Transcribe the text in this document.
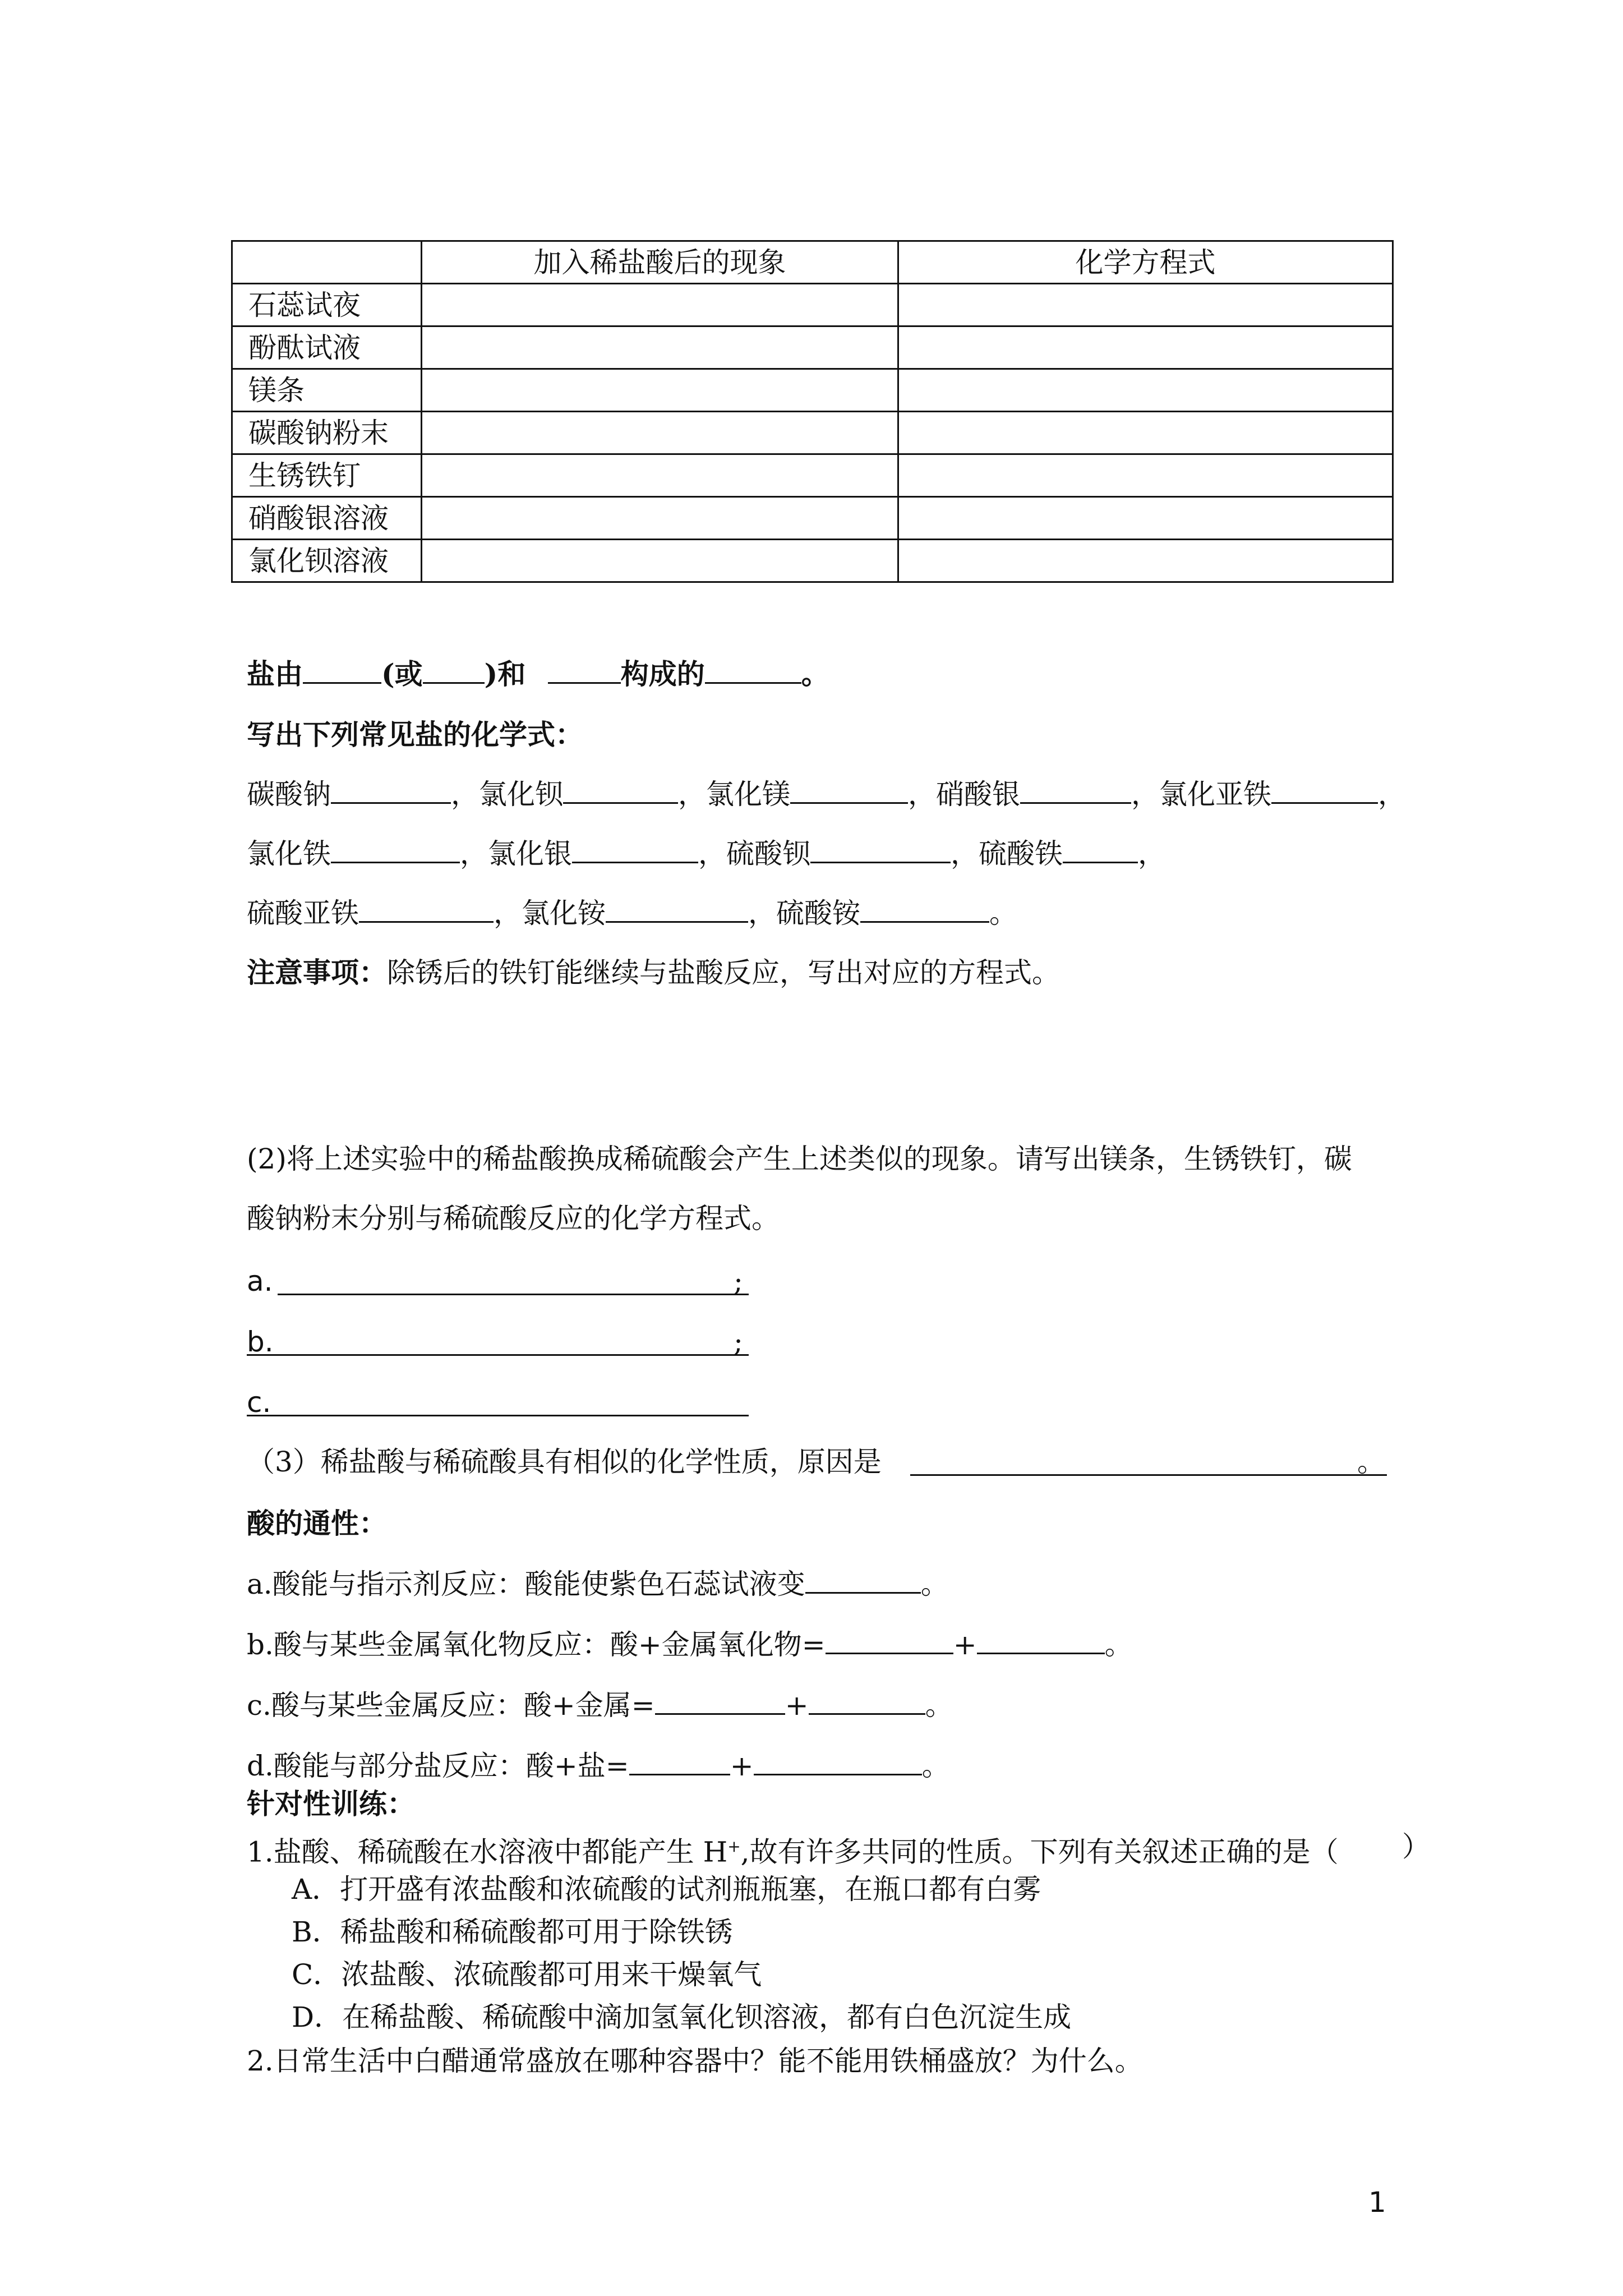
	加入稀盐酸后的现象	化学方程式
石蕊试夜		
酚酞试液		
镁条		
碳酸钠粉末		
生锈铁钉		
硝酸银溶液		
氯化钡溶液		
盐由	(或 )和	构成的	。
写出下列常见盐的化学式：
碳酸钠	，氯化钡	，氯化镁	，硝酸银	，氯化亚铁	，
氯化铁	，氯化银	，硫酸钡	，硫酸铁	，
硫酸亚铁	，氯化铵	，硫酸铵	。
注意事项：除锈后的铁钉能继续与盐酸反应，写出对应的方程式。
(2)将上述实验中的稀盐酸换成稀硫酸会产生上述类似的现象。请写出镁条，生锈铁钉，碳
酸钠粉末分别与稀硫酸反应的化学方程式。
a.	;
b.	;
c.
（3）稀盐酸与稀硫酸具有相似的化学性质，原因是	。
酸的通性：
a.酸能与指示剂反应：酸能使紫色石蕊试液变	。
b.酸与某些金属氧化物反应：酸+金属氧化物=	+	。
c.酸与某些金属反应：酸+金属=	+	。
d.酸能与部分盐反应：酸+盐=	+	。
针对性训练：
1.盐酸、稀硫酸在水溶液中都能产生 H+,故有许多共同的性质。下列有关叙述正确的是（ ）
A．打开盛有浓盐酸和浓硫酸的试剂瓶瓶塞，在瓶口都有白雾
B．稀盐酸和稀硫酸都可用于除铁锈
C．浓盐酸、浓硫酸都可用来干燥氧气
D．在稀盐酸、稀硫酸中滴加氢氧化钡溶液，都有白色沉淀生成
2.日常生活中白醋通常盛放在哪种容器中？能不能用铁桶盛放？为什么。
1
